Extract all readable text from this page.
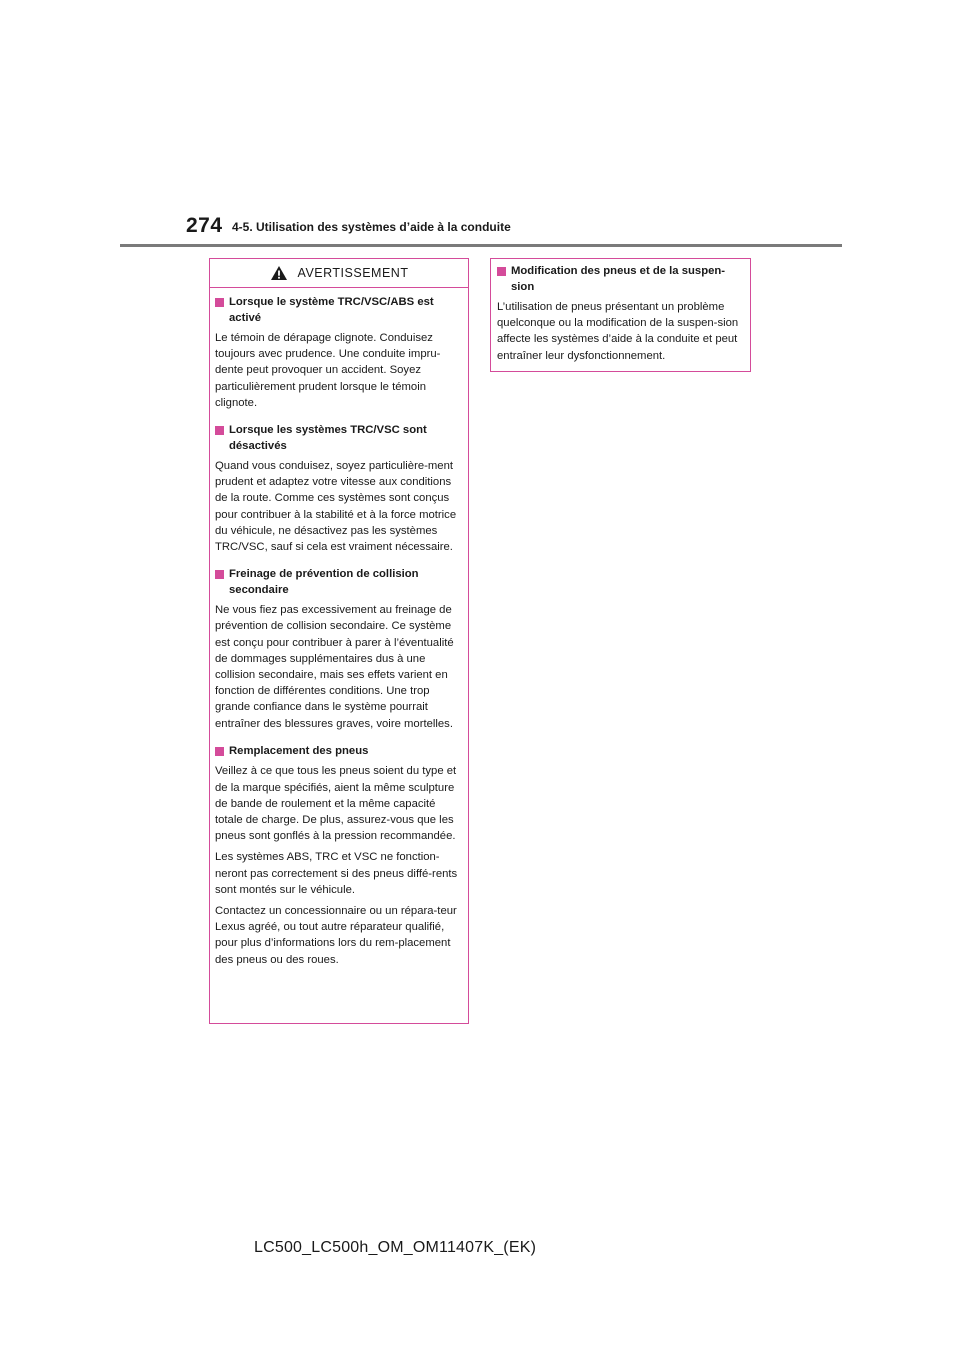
274 4-5. Utilisation des systèmes d’aide à la conduite
AVERTISSEMENT
Lorsque le système TRC/VSC/ABS est activé

Le témoin de dérapage clignote. Conduisez toujours avec prudence. Une conduite impru-dente peut provoquer un accident. Soyez particulièrement prudent lorsque le témoin clignote.

Lorsque les systèmes TRC/VSC sont désactivés

Quand vous conduisez, soyez particulière-ment prudent et adaptez votre vitesse aux conditions de la route. Comme ces systèmes sont conçus pour contribuer à la stabilité et à la force motrice du véhicule, ne désactivez pas les systèmes TRC/VSC, sauf si cela est vraiment nécessaire.

Freinage de prévention de collision secondaire

Ne vous fiez pas excessivement au freinage de prévention de collision secondaire. Ce système est conçu pour contribuer à parer à l’éventualité de dommages supplémentaires dus à une collision secondaire, mais ses effets varient en fonction de différentes conditions. Une trop grande confiance dans le système pourrait entraîner des blessures graves, voire mortelles.

Remplacement des pneus

Veillez à ce que tous les pneus soient du type et de la marque spécifiés, aient la même sculpture de bande de roulement et la même capacité totale de charge. De plus, assurez-vous que les pneus sont gonflés à la pression recommandée.

Les systèmes ABS, TRC et VSC ne fonction-neront pas correctement si des pneus diffé-rents sont montés sur le véhicule.

Contactez un concessionnaire ou un répara-teur Lexus agréé, ou tout autre réparateur qualifié, pour plus d’informations lors du rem-placement des pneus ou des roues.

Modification des pneus et de la suspen-sion

L’utilisation de pneus présentant un problème quelconque ou la modification de la suspen-sion affecte les systèmes d’aide à la conduite et peut entraîner leur dysfonctionnement.

LC500_LC500h_OM_OM11407K_(EK)
